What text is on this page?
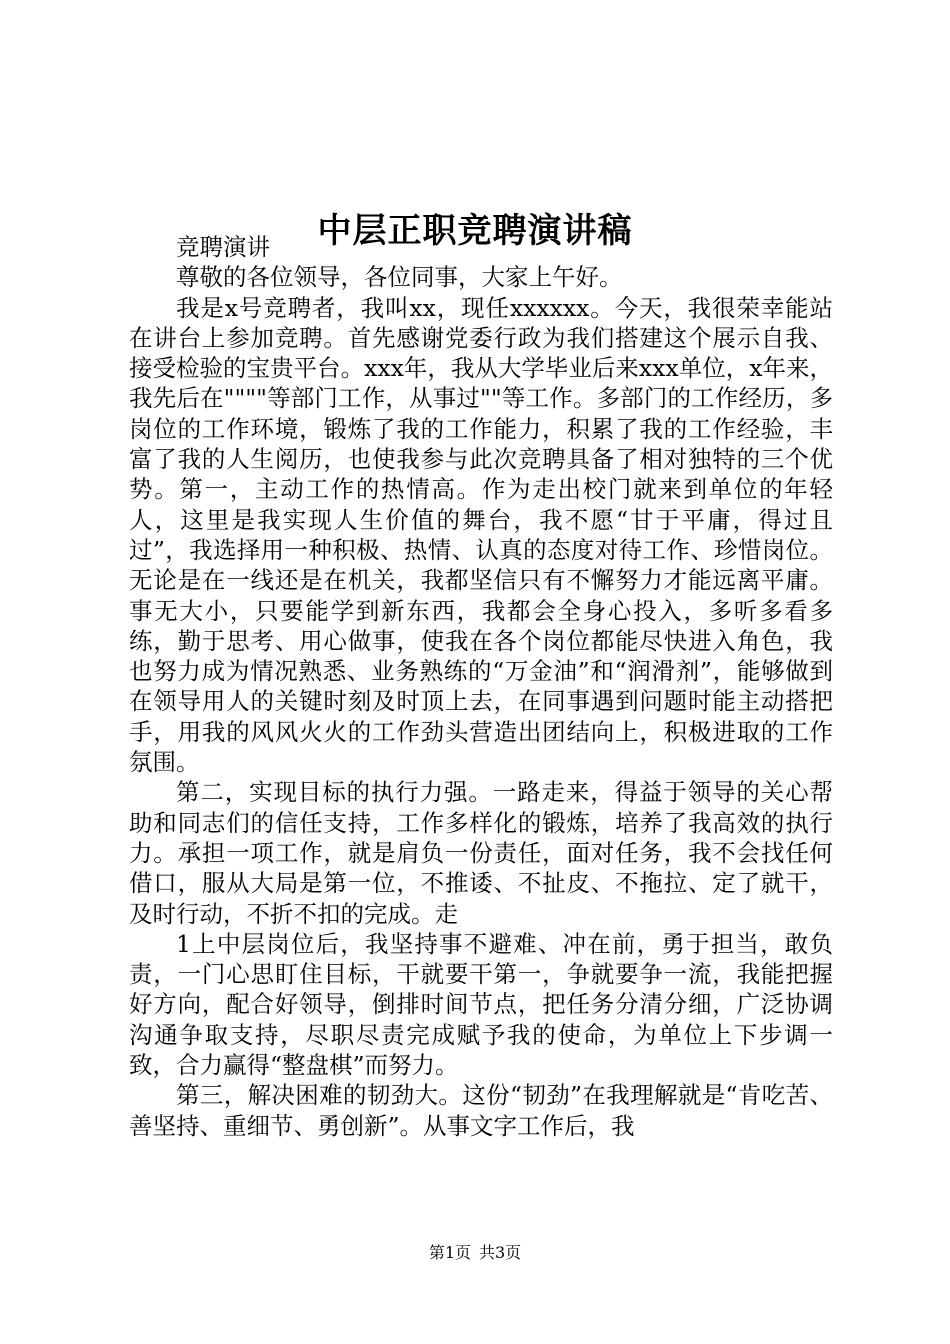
中层正职竞聘演讲稿

竞聘演讲

尊敬的各位领导，各位同事，大家上午好。

我是x号竞聘者，我叫xx，现任xxxxxx。今天，我很荣幸能站在讲台上参加竞聘。首先感谢党委行政为我们搭建这个展示自我、接受检验的宝贵平台。xxx年，我从大学毕业后来xxx单位，x年来，我先后在""""等部门工作，从事过""等工作。多部门的工作经历，多岗位的工作环境，锻炼了我的工作能力，积累了我的工作经验，丰富了我的人生阅历，也使我参与此次竞聘具备了相对独特的三个优势。第一，主动工作的热情高。作为走出校门就来到单位的年轻人，这里是我实现人生价值的舞台，我不愿“甘于平庸，得过且过”，我选择用一种积极、热情、认真的态度对待工作、珍惜岗位。无论是在一线还是在机关，我都坚信只有不懈努力才能远离平庸。事无大小，只要能学到新东西，我都会全身心投入，多听多看多练，勤于思考、用心做事，使我在各个岗位都能尽快进入角色，我也努力成为情况熟悉、业务熟练的“万金油”和“润滑剂”，能够做到在领导用人的关键时刻及时顶上去，在同事遇到问题时能主动搭把手，用我的风风火火的工作劲头营造出团结向上，积极进取的工作氛围。

第二，实现目标的执行力强。一路走来，得益于领导的关心帮助和同志们的信任支持，工作多样化的锻炼，培养了我高效的执行力。承担一项工作，就是肩负一份责任，面对任务，我不会找任何借口，服从大局是第一位，不推诿、不扯皮、不拖拉、定了就干，及时行动，不折不扣的完成。走

1上中层岗位后，我坚持事不避难、冲在前，勇于担当，敢负责，一门心思盯住目标，干就要干第一，争就要争一流，我能把握好方向，配合好领导，倒排时间节点，把任务分清分细，广泛协调沟通争取支持，尽职尽责完成赋予我的使命，为单位上下步调一致，合力赢得“整盘棋”而努力。

第三，解决困难的韧劲大。这份“韧劲”在我理解就是“肯吃苦、善坚持、重细节、勇创新”。从事文字工作后，我

第1页 共3页
